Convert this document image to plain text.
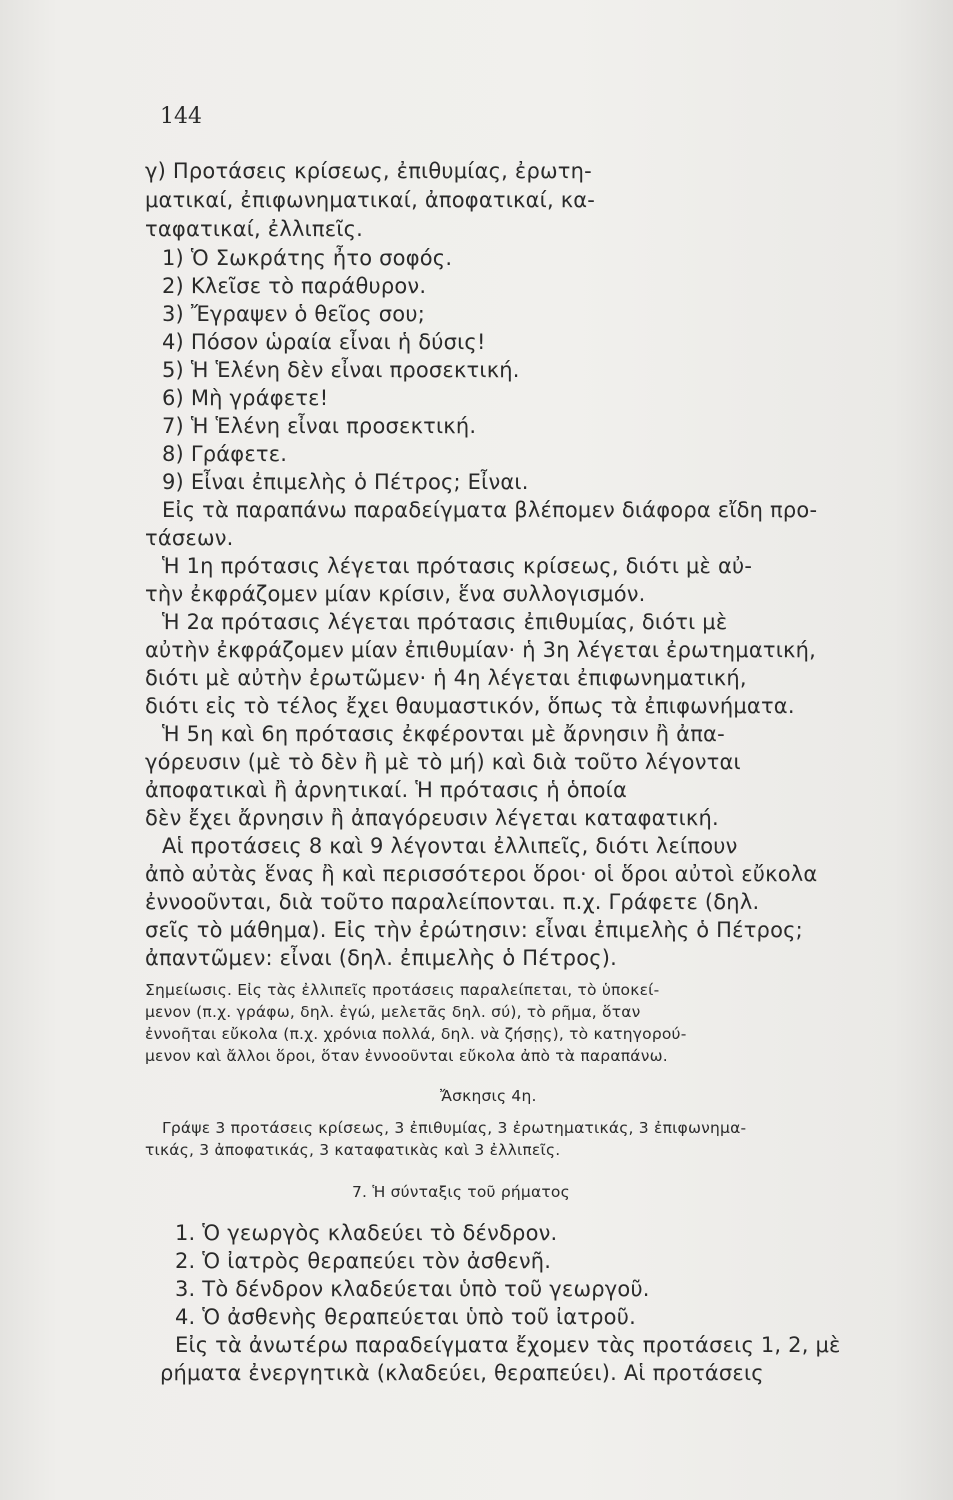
144
γ) Προτάσεις κρίσεως, ἐπιθυμίας, ἐρωτη-
ματικαί, ἐπιφωνηματικαί, ἀποφατικαί, κα-
ταφατικαί, ἐλλιπεῖς.
1) Ὁ Σωκράτης ἦτο σοφός.
2) Κλεῖσε τὸ παράθυρον.
3) Ἔγραψεν ὁ θεῖος σου;
4) Πόσον ὡραία εἶναι ἡ δύσις!
5) Ἡ Ἑλένη δὲν εἶναι προσεκτική.
6) Μὴ γράφετε!
7) Ἡ Ἑλένη εἶναι προσεκτική.
8) Γράφετε.
9) Εἶναι ἐπιμελὴς ὁ Πέτρος; Εἶναι.
Εἰς τὰ παραπάνω παραδείγματα βλέπομεν διάφορα εἴδη προ-
τάσεων.
Ἡ 1η πρότασις λέγεται πρότασις κρίσεως, διότι μὲ αὐ-
τὴν ἐκφράζομεν μίαν κρίσιν, ἕνα συλλογισμόν.
Ἡ 2α πρότασις λέγεται πρότασις ἐπιθυμίας, διότι μὲ
αὐτὴν ἐκφράζομεν μίαν ἐπιθυμίαν· ἡ 3η λέγεται ἐρωτηματική,
διότι μὲ αὐτὴν ἐρωτῶμεν· ἡ 4η λέγεται ἐπιφωνηματική,
διότι εἰς τὸ τέλος ἔχει θαυμαστικόν, ὅπως τὰ ἐπιφωνήματα.
Ἡ 5η καὶ 6η πρότασις ἐκφέρονται μὲ ἄρνησιν ἢ ἀπα-
γόρευσιν (μὲ τὸ δὲν ἢ μὲ τὸ μή) καὶ διὰ τοῦτο λέγονται
ἀποφατικαὶ ἢ ἀρνητικαί. Ἡ πρότασις ἡ ὁποία
δὲν ἔχει ἄρνησιν ἢ ἀπαγόρευσιν λέγεται καταφατική.
Αἱ προτάσεις 8 καὶ 9 λέγονται ἐλλιπεῖς, διότι λείπουν
ἀπὸ αὐτὰς ἕνας ἢ καὶ περισσότεροι ὅροι· οἱ ὅροι αὐτοὶ εὔκολα
ἐννοοῦνται, διὰ τοῦτο παραλείπονται. π.χ. Γράφετε (δηλ.
σεῖς τὸ μάθημα). Εἰς τὴν ἐρώτησιν: εἶναι ἐπιμελὴς ὁ Πέτρος;
ἀπαντῶμεν: εἶναι (δηλ. ἐπιμελὴς ὁ Πέτρος).
Σημείωσις. Εἰς τὰς ἐλλιπεῖς προτάσεις παραλείπεται, τὸ ὑποκεί-
μενον (π.χ. γράφω, δηλ. ἐγώ, μελετᾶς δηλ. σύ), τὸ ρῆμα, ὅταν
ἐννοῆται εὔκολα (π.χ. χρόνια πολλά, δηλ. νὰ ζήσῃς), τὸ κατηγορού-
μενον καὶ ἄλλοι ὅροι, ὅταν ἐννοοῦνται εὔκολα ἀπὸ τὰ παραπάνω.
Ἄσκησις 4η.
Γράψε 3 προτάσεις κρίσεως, 3 ἐπιθυμίας, 3 ἐρωτηματικάς, 3 ἐπιφωνημα-
τικάς, 3 ἀποφατικάς, 3 καταφατικὰς καὶ 3 ἐλλιπεῖς.
7. Ἡ σύνταξις τοῦ ρήματος
1. Ὁ γεωργὸς κλαδεύει τὸ δένδρον.
2. Ὁ ἰατρὸς θεραπεύει τὸν ἀσθενῆ.
3. Τὸ δένδρον κλαδεύεται ὑπὸ τοῦ γεωργοῦ.
4. Ὁ ἀσθενὴς θεραπεύεται ὑπὸ τοῦ ἰατροῦ.
Εἰς τὰ ἀνωτέρω παραδείγματα ἔχομεν τὰς προτάσεις 1, 2, μὲ
ρήματα ἐνεργητικὰ (κλαδεύει, θεραπεύει). Αἱ προτάσεις
